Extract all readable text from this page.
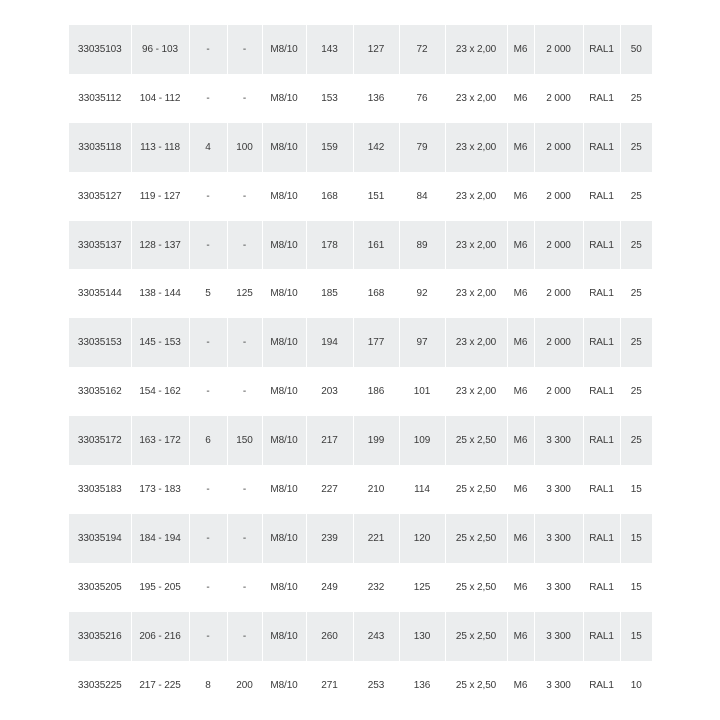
33035103	96 - 103	-	-	M8/10	143	127	72	23 x 2,00	M6	2 000	RAL1	50
33035112	104 - 112	-	-	M8/10	153	136	76	23 x 2,00	M6	2 000	RAL1	25
33035118	113 - 118	4	100	M8/10	159	142	79	23 x 2,00	M6	2 000	RAL1	25
33035127	119 - 127	-	-	M8/10	168	151	84	23 x 2,00	M6	2 000	RAL1	25
33035137	128 - 137	-	-	M8/10	178	161	89	23 x 2,00	M6	2 000	RAL1	25
33035144	138 - 144	5	125	M8/10	185	168	92	23 x 2,00	M6	2 000	RAL1	25
33035153	145 - 153	-	-	M8/10	194	177	97	23 x 2,00	M6	2 000	RAL1	25
33035162	154 - 162	-	-	M8/10	203	186	101	23 x 2,00	M6	2 000	RAL1	25
33035172	163 - 172	6	150	M8/10	217	199	109	25 x 2,50	M6	3 300	RAL1	25
33035183	173 - 183	-	-	M8/10	227	210	114	25 x 2,50	M6	3 300	RAL1	15
33035194	184 - 194	-	-	M8/10	239	221	120	25 x 2,50	M6	3 300	RAL1	15
33035205	195 - 205	-	-	M8/10	249	232	125	25 x 2,50	M6	3 300	RAL1	15
33035216	206 - 216	-	-	M8/10	260	243	130	25 x 2,50	M6	3 300	RAL1	15
33035225	217 - 225	8	200	M8/10	271	253	136	25 x 2,50	M6	3 300	RAL1	10
